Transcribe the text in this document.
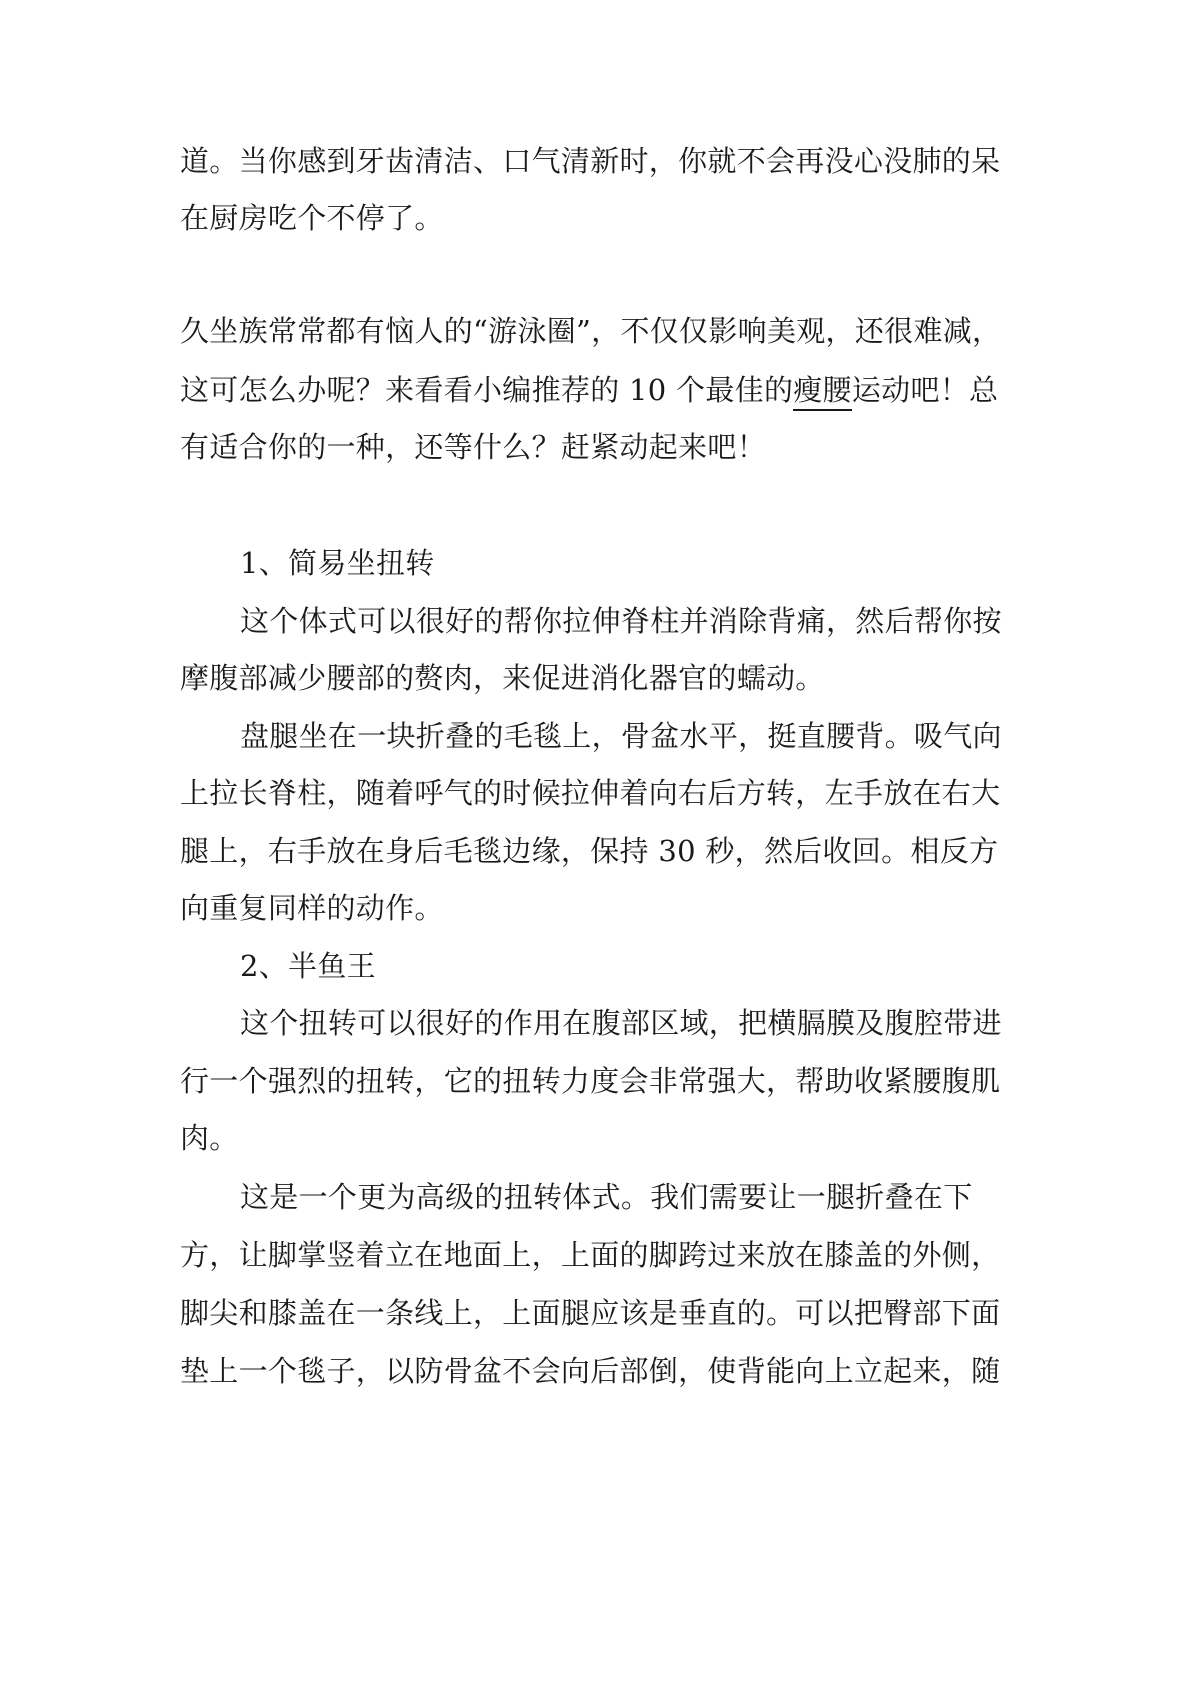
道。当你感到牙齿清洁、口气清新时，你就不会再没心没肺的呆
在厨房吃个不停了。
久坐族常常都有恼人的“游泳圈”，不仅仅影响美观，还很难减，
这可怎么办呢？来看看小编推荐的 10 个最佳的瘦腰运动吧！总
有适合你的一种，还等什么？赶紧动起来吧！
1、简易坐扭转
这个体式可以很好的帮你拉伸脊柱并消除背痛，然后帮你按
摩腹部减少腰部的赘肉，来促进消化器官的蠕动。
盘腿坐在一块折叠的毛毯上，骨盆水平，挺直腰背。吸气向
上拉长脊柱，随着呼气的时候拉伸着向右后方转，左手放在右大
腿上，右手放在身后毛毯边缘，保持 30 秒，然后收回。相反方
向重复同样的动作。
2、半鱼王
这个扭转可以很好的作用在腹部区域，把横膈膜及腹腔带进
行一个强烈的扭转，它的扭转力度会非常强大，帮助收紧腰腹肌
肉。
这是一个更为高级的扭转体式。我们需要让一腿折叠在下
方，让脚掌竖着立在地面上，上面的脚跨过来放在膝盖的外侧，
脚尖和膝盖在一条线上，上面腿应该是垂直的。可以把臀部下面
垫上一个毯子，以防骨盆不会向后部倒，使背能向上立起来，随
